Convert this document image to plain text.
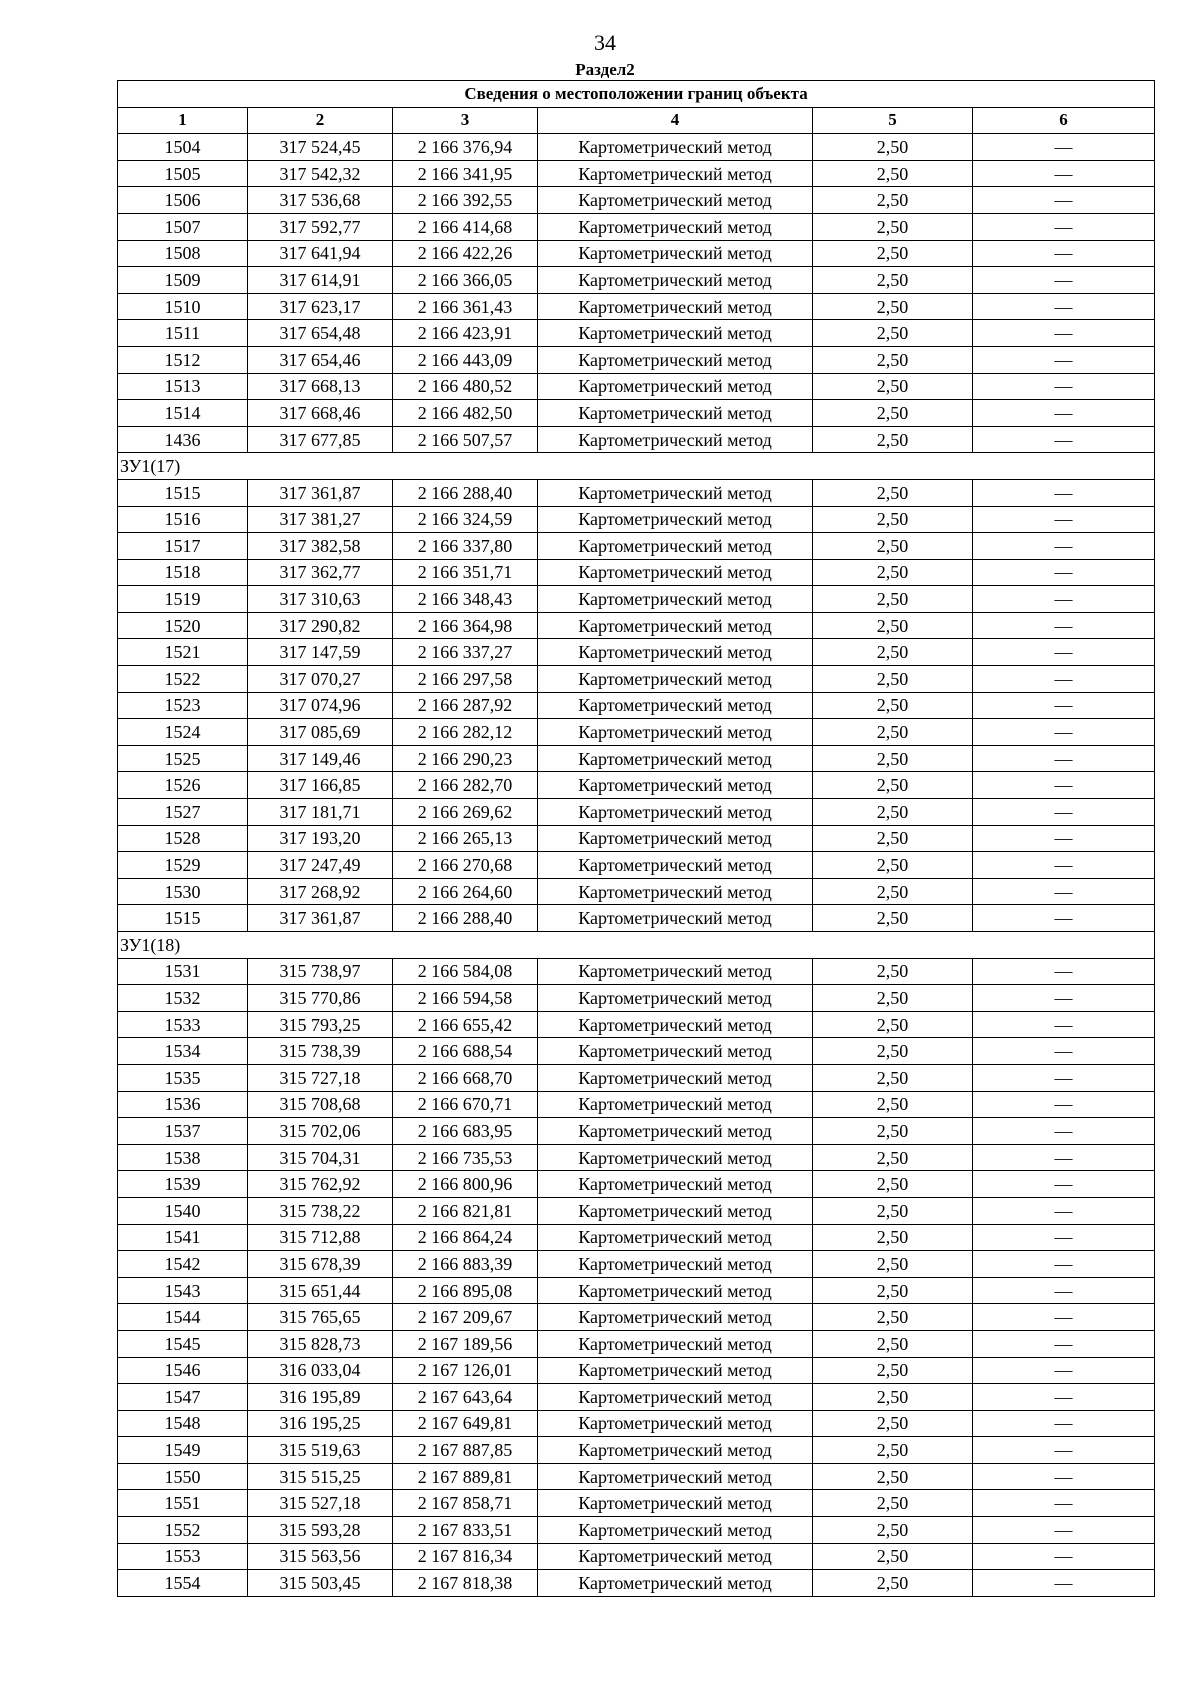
34
Раздел2
Сведения о местоположении границ объекта					
1	2	3	4	5	6
1504	317 524,45	2 166 376,94	Картометрический метод	2,50	—
1505	317 542,32	2 166 341,95	Картометрический метод	2,50	—
1506	317 536,68	2 166 392,55	Картометрический метод	2,50	—
1507	317 592,77	2 166 414,68	Картометрический метод	2,50	—
1508	317 641,94	2 166 422,26	Картометрический метод	2,50	—
1509	317 614,91	2 166 366,05	Картометрический метод	2,50	—
1510	317 623,17	2 166 361,43	Картометрический метод	2,50	—
1511	317 654,48	2 166 423,91	Картометрический метод	2,50	—
1512	317 654,46	2 166 443,09	Картометрический метод	2,50	—
1513	317 668,13	2 166 480,52	Картометрический метод	2,50	—
1514	317 668,46	2 166 482,50	Картометрический метод	2,50	—
1436	317 677,85	2 166 507,57	Картометрический метод	2,50	—
ЗУ1(17)					
1515	317 361,87	2 166 288,40	Картометрический метод	2,50	—
1516	317 381,27	2 166 324,59	Картометрический метод	2,50	—
1517	317 382,58	2 166 337,80	Картометрический метод	2,50	—
1518	317 362,77	2 166 351,71	Картометрический метод	2,50	—
1519	317 310,63	2 166 348,43	Картометрический метод	2,50	—
1520	317 290,82	2 166 364,98	Картометрический метод	2,50	—
1521	317 147,59	2 166 337,27	Картометрический метод	2,50	—
1522	317 070,27	2 166 297,58	Картометрический метод	2,50	—
1523	317 074,96	2 166 287,92	Картометрический метод	2,50	—
1524	317 085,69	2 166 282,12	Картометрический метод	2,50	—
1525	317 149,46	2 166 290,23	Картометрический метод	2,50	—
1526	317 166,85	2 166 282,70	Картометрический метод	2,50	—
1527	317 181,71	2 166 269,62	Картометрический метод	2,50	—
1528	317 193,20	2 166 265,13	Картометрический метод	2,50	—
1529	317 247,49	2 166 270,68	Картометрический метод	2,50	—
1530	317 268,92	2 166 264,60	Картометрический метод	2,50	—
1515	317 361,87	2 166 288,40	Картометрический метод	2,50	—
ЗУ1(18)					
1531	315 738,97	2 166 584,08	Картометрический метод	2,50	—
1532	315 770,86	2 166 594,58	Картометрический метод	2,50	—
1533	315 793,25	2 166 655,42	Картометрический метод	2,50	—
1534	315 738,39	2 166 688,54	Картометрический метод	2,50	—
1535	315 727,18	2 166 668,70	Картометрический метод	2,50	—
1536	315 708,68	2 166 670,71	Картометрический метод	2,50	—
1537	315 702,06	2 166 683,95	Картометрический метод	2,50	—
1538	315 704,31	2 166 735,53	Картометрический метод	2,50	—
1539	315 762,92	2 166 800,96	Картометрический метод	2,50	—
1540	315 738,22	2 166 821,81	Картометрический метод	2,50	—
1541	315 712,88	2 166 864,24	Картометрический метод	2,50	—
1542	315 678,39	2 166 883,39	Картометрический метод	2,50	—
1543	315 651,44	2 166 895,08	Картометрический метод	2,50	—
1544	315 765,65	2 167 209,67	Картометрический метод	2,50	—
1545	315 828,73	2 167 189,56	Картометрический метод	2,50	—
1546	316 033,04	2 167 126,01	Картометрический метод	2,50	—
1547	316 195,89	2 167 643,64	Картометрический метод	2,50	—
1548	316 195,25	2 167 649,81	Картометрический метод	2,50	—
1549	315 519,63	2 167 887,85	Картометрический метод	2,50	—
1550	315 515,25	2 167 889,81	Картометрический метод	2,50	—
1551	315 527,18	2 167 858,71	Картометрический метод	2,50	—
1552	315 593,28	2 167 833,51	Картометрический метод	2,50	—
1553	315 563,56	2 167 816,34	Картометрический метод	2,50	—
1554	315 503,45	2 167 818,38	Картометрический метод	2,50	—
